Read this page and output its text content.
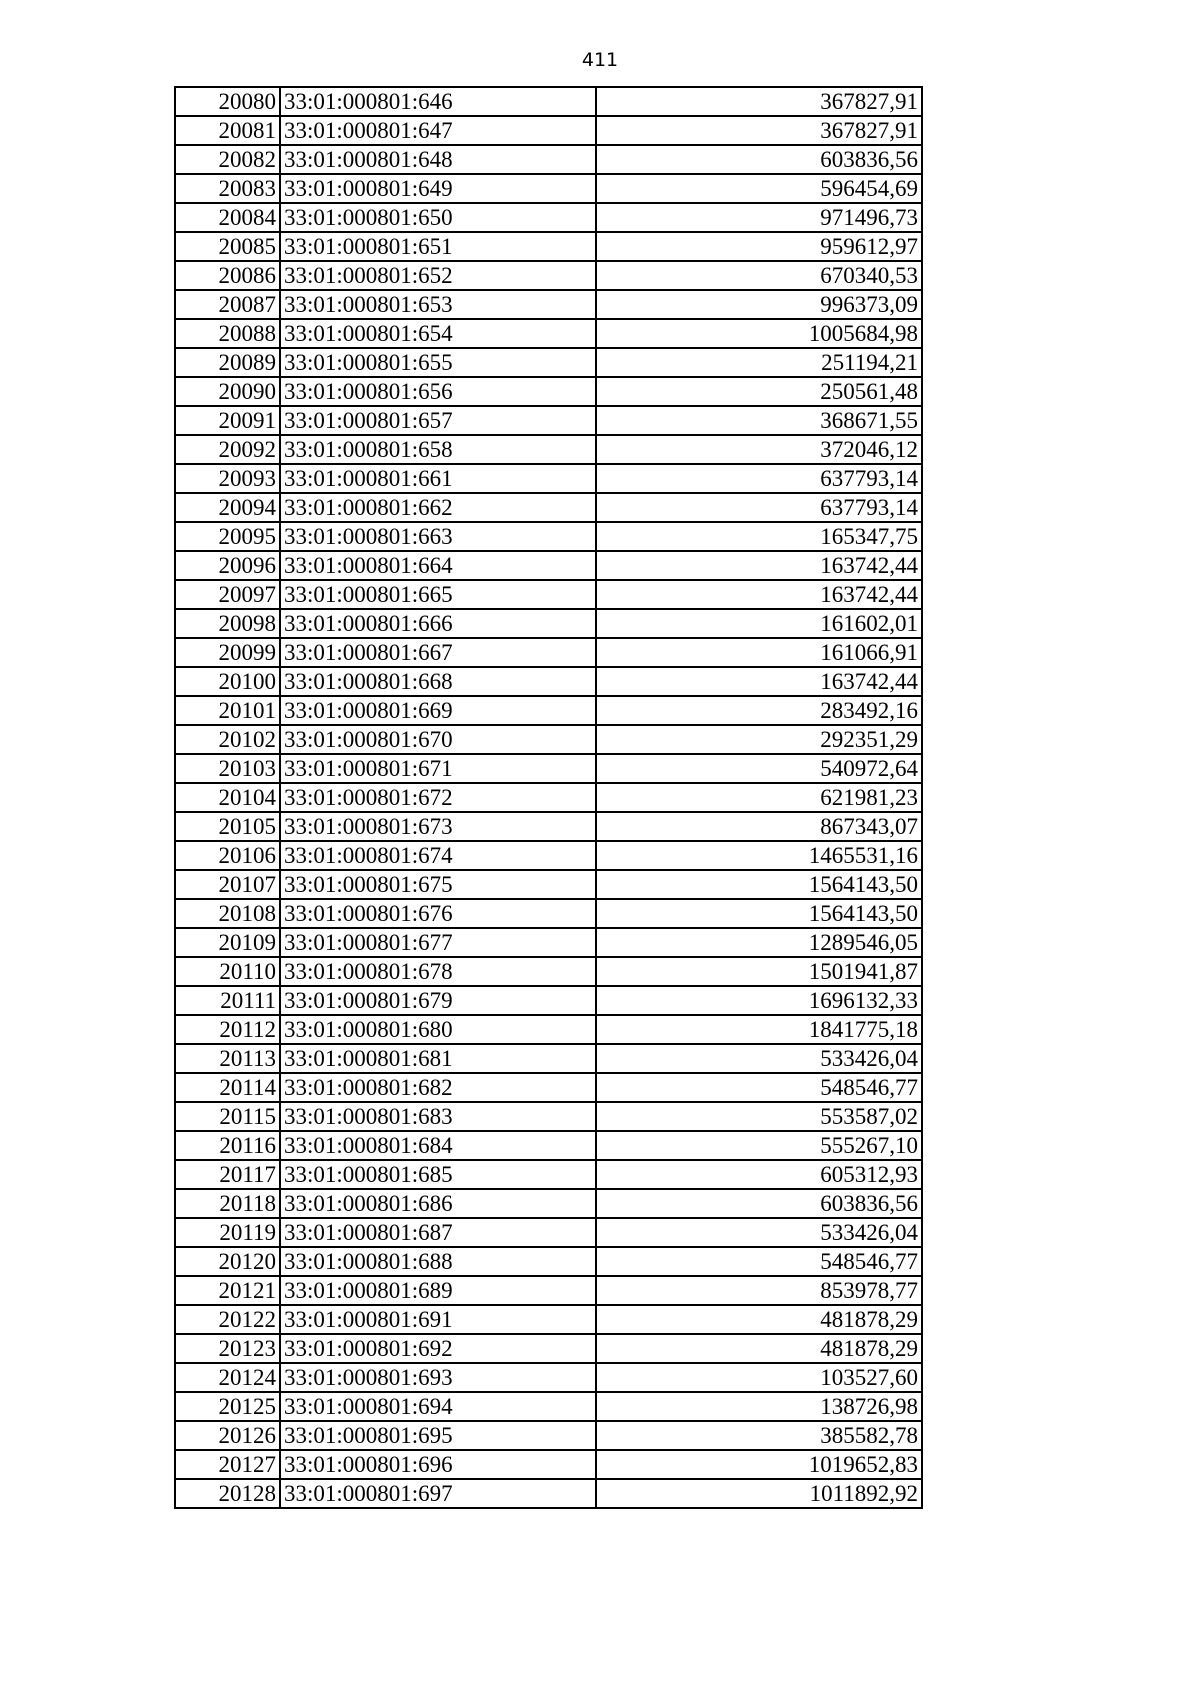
411
20080	33:01:000801:646	367827,91
20081	33:01:000801:647	367827,91
20082	33:01:000801:648	603836,56
20083	33:01:000801:649	596454,69
20084	33:01:000801:650	971496,73
20085	33:01:000801:651	959612,97
20086	33:01:000801:652	670340,53
20087	33:01:000801:653	996373,09
20088	33:01:000801:654	1005684,98
20089	33:01:000801:655	251194,21
20090	33:01:000801:656	250561,48
20091	33:01:000801:657	368671,55
20092	33:01:000801:658	372046,12
20093	33:01:000801:661	637793,14
20094	33:01:000801:662	637793,14
20095	33:01:000801:663	165347,75
20096	33:01:000801:664	163742,44
20097	33:01:000801:665	163742,44
20098	33:01:000801:666	161602,01
20099	33:01:000801:667	161066,91
20100	33:01:000801:668	163742,44
20101	33:01:000801:669	283492,16
20102	33:01:000801:670	292351,29
20103	33:01:000801:671	540972,64
20104	33:01:000801:672	621981,23
20105	33:01:000801:673	867343,07
20106	33:01:000801:674	1465531,16
20107	33:01:000801:675	1564143,50
20108	33:01:000801:676	1564143,50
20109	33:01:000801:677	1289546,05
20110	33:01:000801:678	1501941,87
20111	33:01:000801:679	1696132,33
20112	33:01:000801:680	1841775,18
20113	33:01:000801:681	533426,04
20114	33:01:000801:682	548546,77
20115	33:01:000801:683	553587,02
20116	33:01:000801:684	555267,10
20117	33:01:000801:685	605312,93
20118	33:01:000801:686	603836,56
20119	33:01:000801:687	533426,04
20120	33:01:000801:688	548546,77
20121	33:01:000801:689	853978,77
20122	33:01:000801:691	481878,29
20123	33:01:000801:692	481878,29
20124	33:01:000801:693	103527,60
20125	33:01:000801:694	138726,98
20126	33:01:000801:695	385582,78
20127	33:01:000801:696	1019652,83
20128	33:01:000801:697	1011892,92
